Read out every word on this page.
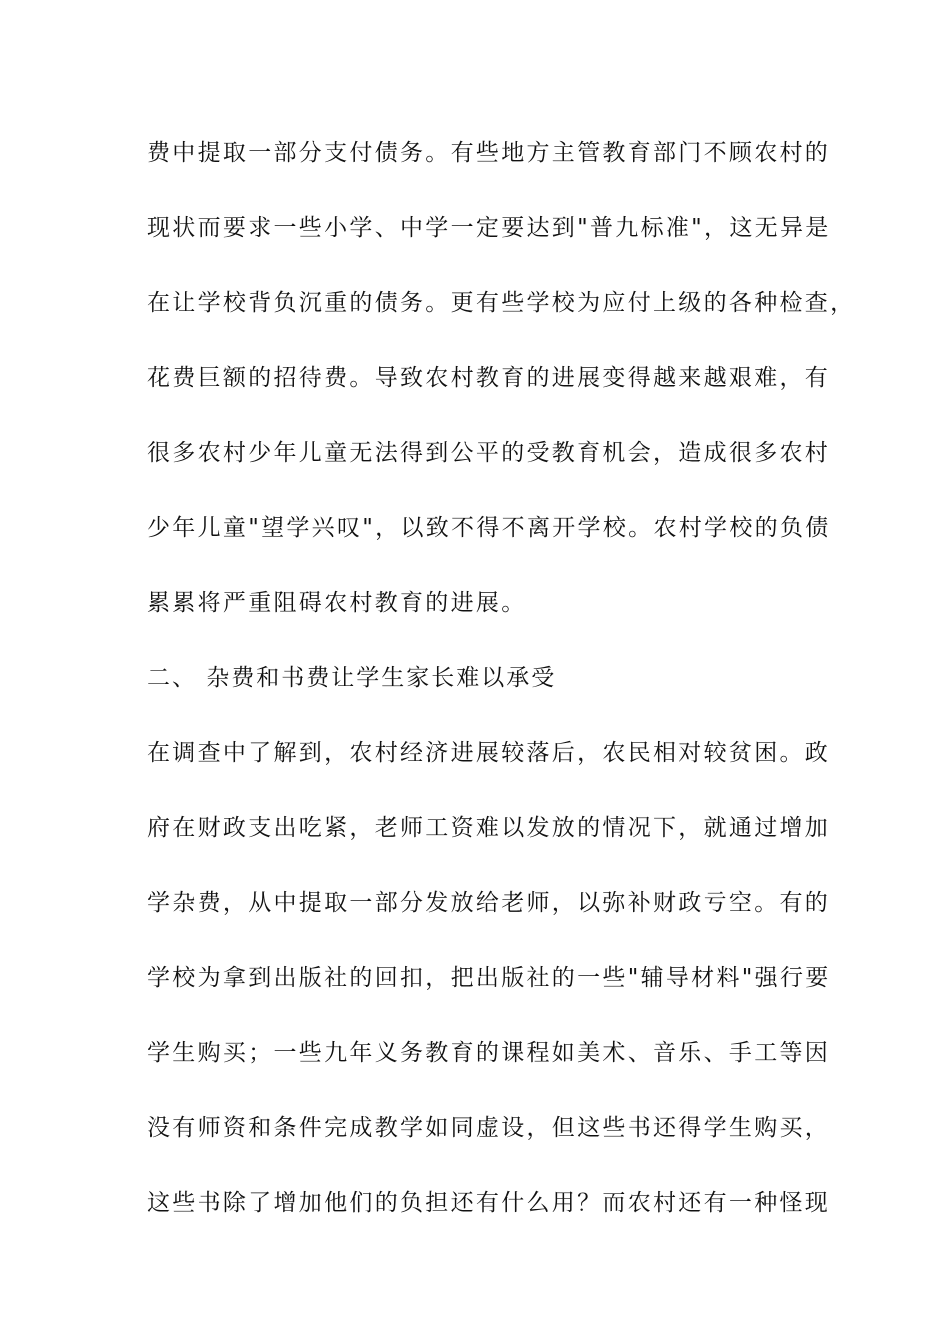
费中提取一部分支付债务。有些地方主管教育部门不顾农村的
现状而要求一些小学、中学一定要达到"普九标准"，这无异是
在让学校背负沉重的债务。更有些学校为应付上级的各种检查，
花费巨额的招待费。导致农村教育的进展变得越来越艰难，有
很多农村少年儿童无法得到公平的受教育机会，造成很多农村
少年儿童"望学兴叹"，以致不得不离开学校。农村学校的负债
累累将严重阻碍农村教育的进展。
二、 杂费和书费让学生家长难以承受
在调查中了解到，农村经济进展较落后，农民相对较贫困。政
府在财政支出吃紧，老师工资难以发放的情况下，就通过增加
学杂费，从中提取一部分发放给老师，以弥补财政亏空。有的
学校为拿到出版社的回扣，把出版社的一些"辅导材料"强行要
学生购买；一些九年义务教育的课程如美术、音乐、手工等因
没有师资和条件完成教学如同虚设，但这些书还得学生购买，
这些书除了增加他们的负担还有什么用？而农村还有一种怪现
